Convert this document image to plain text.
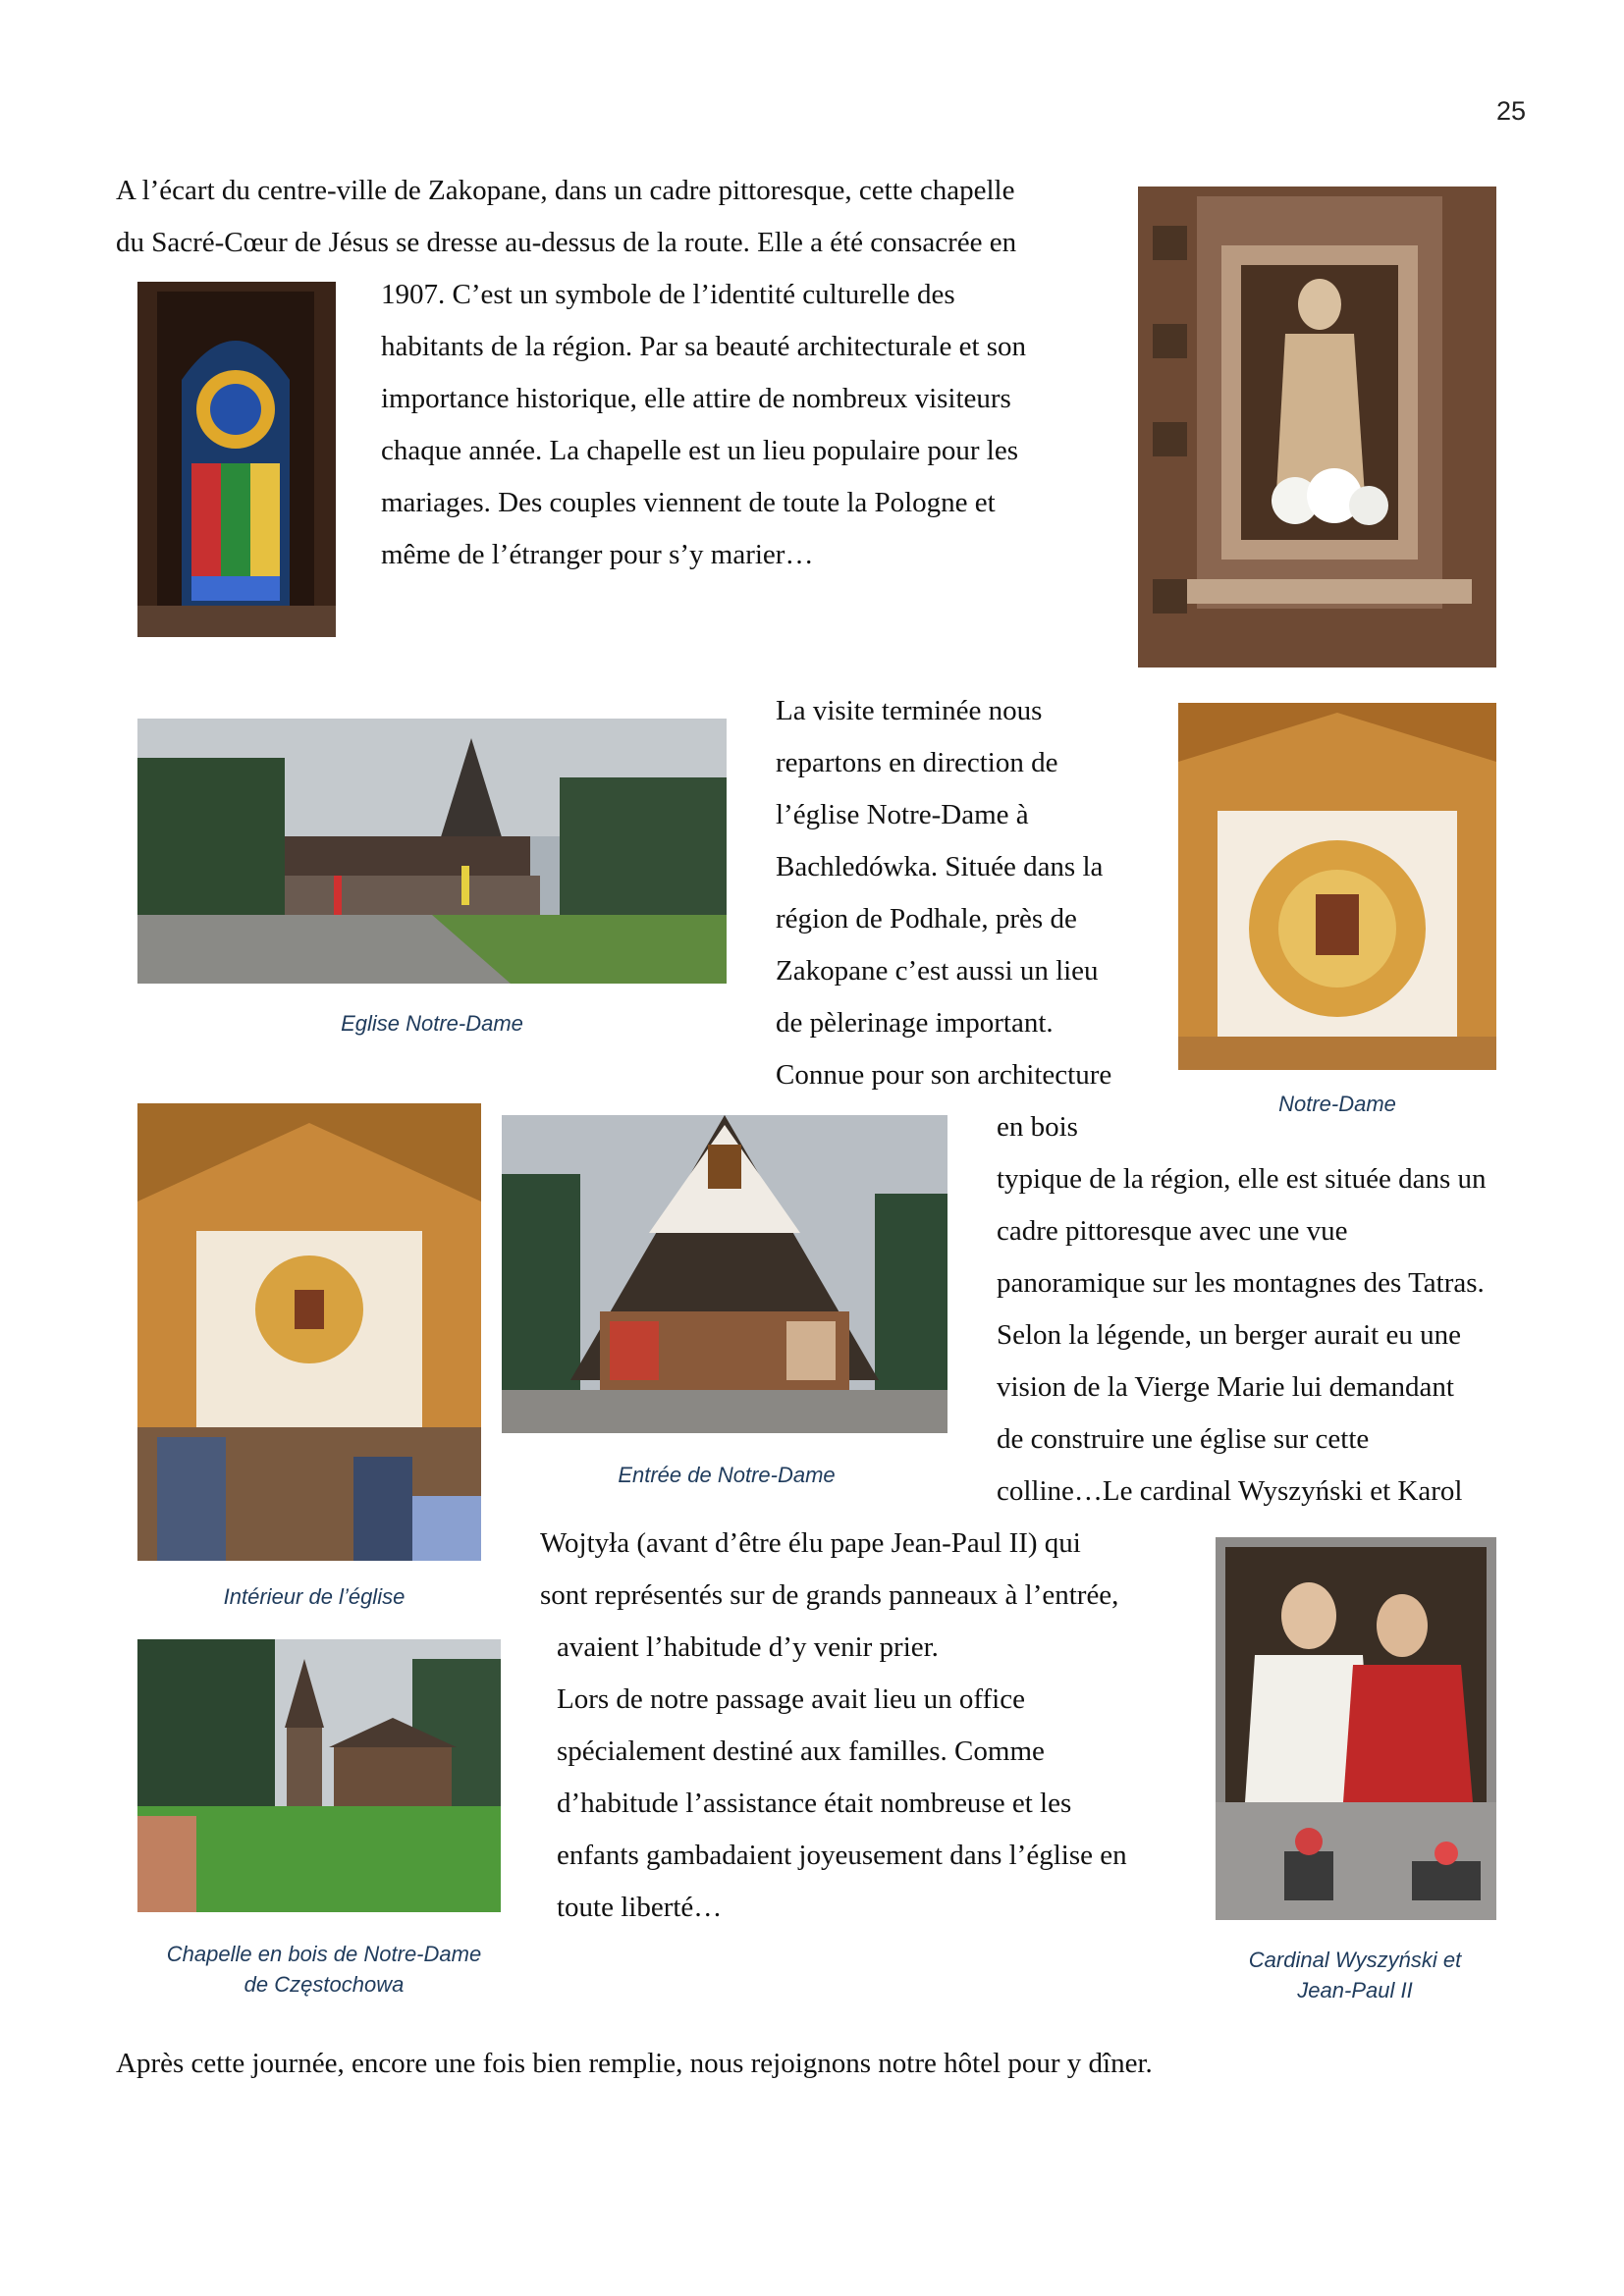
25
A l’écart du centre-ville de Zakopane, dans un cadre pittoresque, cette chapelle
du Sacré-Cœur de Jésus se dresse au-dessus de la route. Elle a été consacrée en
1907. C’est un symbole de l’identité culturelle des
habitants de la région. Par sa beauté architecturale et son
importance historique, elle attire de nombreux visiteurs
chaque année. La chapelle est un lieu populaire pour les
mariages. Des couples viennent de toute la Pologne et
même de l’étranger pour s’y marier…
La visite terminée nous
repartons en direction de
l’église Notre-Dame à
Bachledówka. Située dans la
région de Podhale, près de
Zakopane c’est aussi un lieu
de pèlerinage important.
Connue pour son architecture
en bois
typique de la région, elle est située dans un
cadre pittoresque avec une vue
panoramique sur les montagnes des Tatras.
Selon la légende, un berger aurait eu une
vision de la Vierge Marie lui demandant
de construire une église sur cette
colline…Le cardinal Wyszyński et Karol
Wojtyła (avant d’être élu pape Jean-Paul II) qui
sont représentés sur de grands panneaux à l’entrée,
avaient l’habitude d’y venir prier.
Lors de notre passage avait lieu un office
spécialement destiné aux familles. Comme
d’habitude l’assistance était nombreuse et les
enfants gambadaient joyeusement dans l’église en
toute liberté…
Eglise Notre-Dame
Notre-Dame
Intérieur de l’église
Entrée de Notre-Dame
Chapelle en bois de Notre-Dame
de Częstochowa
Cardinal Wyszyński et
Jean-Paul II
Après cette journée, encore une fois bien remplie, nous rejoignons notre hôtel pour y dîner.
